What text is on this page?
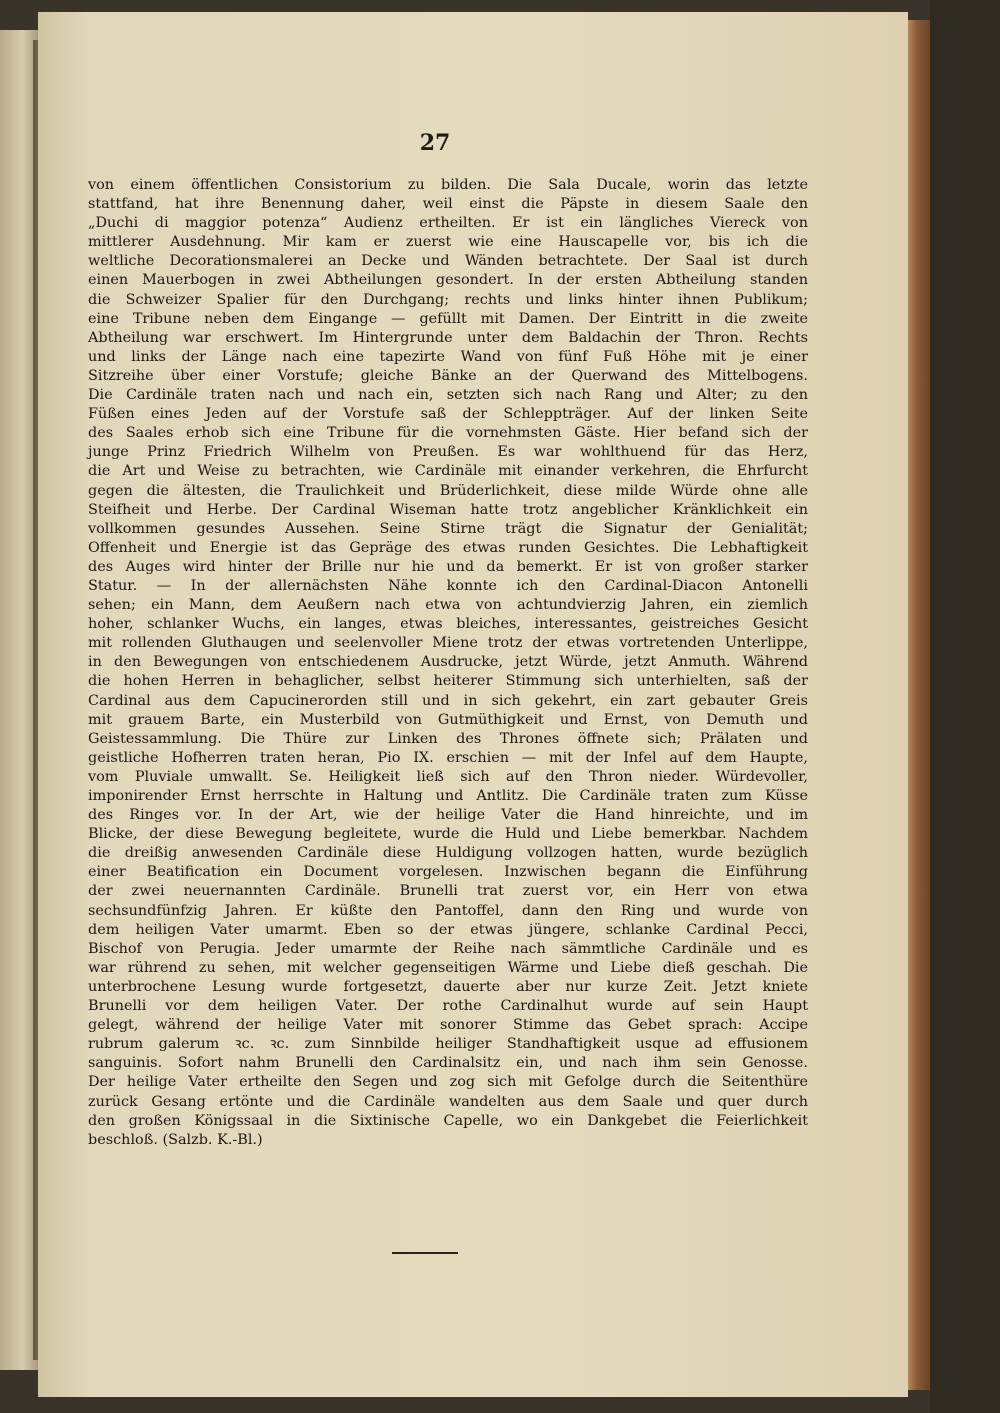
27
von einem öffentlichen Consistorium zu bilden. Die Sala Ducale, worin das letzte
stattfand, hat ihre Benennung daher, weil einst die Päpste in diesem Saale den
„Duchi di maggior potenza“ Audienz ertheilten. Er ist ein längliches Viereck von
mittlerer Ausdehnung. Mir kam er zuerst wie eine Hauscapelle vor, bis ich die
weltliche Decorationsmalerei an Decke und Wänden betrachtete. Der Saal ist durch
einen Mauerbogen in zwei Abtheilungen gesondert. In der ersten Abtheilung standen
die Schweizer Spalier für den Durchgang; rechts und links hinter ihnen Publikum;
eine Tribune neben dem Eingange — gefüllt mit Damen. Der Eintritt in die zweite
Abtheilung war erschwert. Im Hintergrunde unter dem Baldachin der Thron. Rechts
und links der Länge nach eine tapezirte Wand von fünf Fuß Höhe mit je einer
Sitzreihe über einer Vorstufe; gleiche Bänke an der Querwand des Mittelbogens.
Die Cardinäle traten nach und nach ein, setzten sich nach Rang und Alter; zu den
Füßen eines Jeden auf der Vorstufe saß der Schleppträger. Auf der linken Seite
des Saales erhob sich eine Tribune für die vornehmsten Gäste. Hier befand sich der
junge Prinz Friedrich Wilhelm von Preußen. Es war wohlthuend für das Herz,
die Art und Weise zu betrachten, wie Cardinäle mit einander verkehren, die Ehrfurcht
gegen die ältesten, die Traulichkeit und Brüderlichkeit, diese milde Würde ohne alle
Steifheit und Herbe. Der Cardinal Wiseman hatte trotz angeblicher Kränklichkeit ein
vollkommen gesundes Aussehen. Seine Stirne trägt die Signatur der Genialität;
Offenheit und Energie ist das Gepräge des etwas runden Gesichtes. Die Lebhaftigkeit
des Auges wird hinter der Brille nur hie und da bemerkt. Er ist von großer starker
Statur. — In der allernächsten Nähe konnte ich den Cardinal-Diacon Antonelli
sehen; ein Mann, dem Aeußern nach etwa von achtundvierzig Jahren, ein ziemlich
hoher, schlanker Wuchs, ein langes, etwas bleiches, interessantes, geistreiches Gesicht
mit rollenden Gluthaugen und seelenvoller Miene trotz der etwas vortretenden Unterlippe,
in den Bewegungen von entschiedenem Ausdrucke, jetzt Würde, jetzt Anmuth. Während
die hohen Herren in behaglicher, selbst heiterer Stimmung sich unterhielten, saß der
Cardinal aus dem Capucinerorden still und in sich gekehrt, ein zart gebauter Greis
mit grauem Barte, ein Musterbild von Gutmüthigkeit und Ernst, von Demuth und
Geistessammlung. Die Thüre zur Linken des Thrones öffnete sich; Prälaten und
geistliche Hofherren traten heran, Pio IX. erschien — mit der Infel auf dem Haupte,
vom Pluviale umwallt. Se. Heiligkeit ließ sich auf den Thron nieder. Würdevoller,
imponirender Ernst herrschte in Haltung und Antlitz. Die Cardinäle traten zum Küsse
des Ringes vor. In der Art, wie der heilige Vater die Hand hinreichte, und im
Blicke, der diese Bewegung begleitete, wurde die Huld und Liebe bemerkbar. Nachdem
die dreißig anwesenden Cardinäle diese Huldigung vollzogen hatten, wurde bezüglich
einer Beatification ein Document vorgelesen. Inzwischen begann die Einführung
der zwei neuernannten Cardinäle. Brunelli trat zuerst vor, ein Herr von etwa
sechsundfünfzig Jahren. Er küßte den Pantoffel, dann den Ring und wurde von
dem heiligen Vater umarmt. Eben so der etwas jüngere, schlanke Cardinal Pecci,
Bischof von Perugia. Jeder umarmte der Reihe nach sämmtliche Cardinäle und es
war rührend zu sehen, mit welcher gegenseitigen Wärme und Liebe dieß geschah. Die
unterbrochene Lesung wurde fortgesetzt, dauerte aber nur kurze Zeit. Jetzt kniete
Brunelli vor dem heiligen Vater. Der rothe Cardinalhut wurde auf sein Haupt
gelegt, während der heilige Vater mit sonorer Stimme das Gebet sprach: Accipe
rubrum galerum ꝛc. ꝛc. zum Sinnbilde heiliger Standhaftigkeit usque ad effusionem
sanguinis. Sofort nahm Brunelli den Cardinalsitz ein, und nach ihm sein Genosse.
Der heilige Vater ertheilte den Segen und zog sich mit Gefolge durch die Seitenthüre
zurück Gesang ertönte und die Cardinäle wandelten aus dem Saale und quer durch
den großen Königssaal in die Sixtinische Capelle, wo ein Dankgebet die Feierlichkeit
beschloß. (Salzb. K.-Bl.)
